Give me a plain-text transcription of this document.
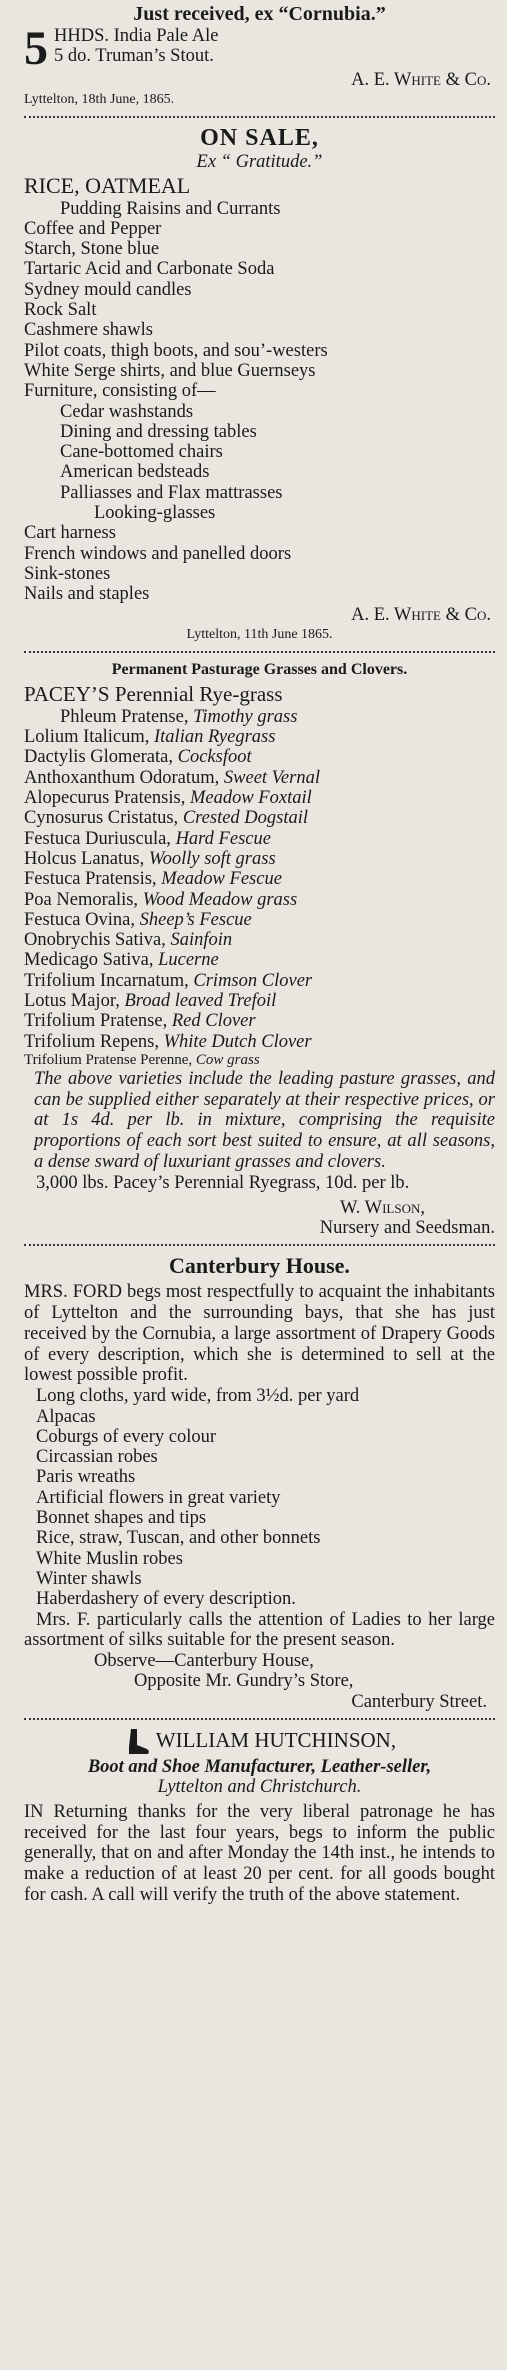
Just received, ex “Cornubia.”
5 HHDS. India Pale Ale
5 do. Truman’s Stout.
A. E. White & Co.
Lyttelton, 18th June, 1865.
ON SALE,
Ex “ Gratitude.”
RICE, OATMEAL
Pudding Raisins and Currants
Coffee and Pepper
Starch, Stone blue
Tartaric Acid and Carbonate Soda
Sydney mould candles
Rock Salt
Cashmere shawls
Pilot coats, thigh boots, and sou’-westers
White Serge shirts, and blue Guernseys
Furniture, consisting of—
Cedar washstands
Dining and dressing tables
Cane-bottomed chairs
American bedsteads
Palliasses and Flax mattrasses
Looking-glasses
Cart harness
French windows and panelled doors
Sink-stones
Nails and staples
A. E. White & Co.
Lyttelton, 11th June 1865.
Permanent Pasturage Grasses and Clovers.
PACEY’S Perennial Rye-grass
Phleum Pratense, Timothy grass
Lolium Italicum, Italian Ryegrass
Dactylis Glomerata, Cocksfoot
Anthoxanthum Odoratum, Sweet Vernal
Alopecurus Pratensis, Meadow Foxtail
Cynosurus Cristatus, Crested Dogstail
Festuca Duriuscula, Hard Fescue
Holcus Lanatus, Woolly soft grass
Festuca Pratensis, Meadow Fescue
Poa Nemoralis, Wood Meadow grass
Festuca Ovina, Sheep’s Fescue
Onobrychis Sativa, Sainfoin
Medicago Sativa, Lucerne
Trifolium Incarnatum, Crimson Clover
Lotus Major, Broad leaved Trefoil
Trifolium Pratense, Red Clover
Trifolium Repens, White Dutch Clover
Trifolium Pratense Perenne, Cow grass
The above varieties include the leading pasture grasses, and can be supplied either separately at their respective prices, or at 1s 4d. per lb. in mixture, comprising the requisite proportions of each sort best suited to ensure, at all seasons, a dense sward of luxuriant grasses and clovers.
3,000 lbs. Pacey’s Perennial Ryegrass, 10d. per lb.
W. Wilson,
Nursery and Seedsman.
Canterbury House.
MRS. FORD begs most respectfully to acquaint the inhabitants of Lyttelton and the surrounding bays, that she has just received by the Cornubia, a large assortment of Drapery Goods of every description, which she is determined to sell at the lowest possible profit.
Long cloths, yard wide, from 3½d. per yard
Alpacas
Coburgs of every colour
Circassian robes
Paris wreaths
Artificial flowers in great variety
Bonnet shapes and tips
Rice, straw, Tuscan, and other bonnets
White Muslin robes
Winter shawls
Haberdashery of every description.
Mrs. F. particularly calls the attention of Ladies to her large assortment of silks suitable for the present season.
Observe—Canterbury House,
Opposite Mr. Gundry’s Store,
Canterbury Street.
WILLIAM HUTCHINSON,
Boot and Shoe Manufacturer, Leather-seller,
Lyttelton and Christchurch.
IN Returning thanks for the very liberal patronage he has received for the last four years, begs to inform the public generally, that on and after Monday the 14th inst., he intends to make a reduction of at least 20 per cent. for all goods bought for cash. A call will verify the truth of the above statement.
